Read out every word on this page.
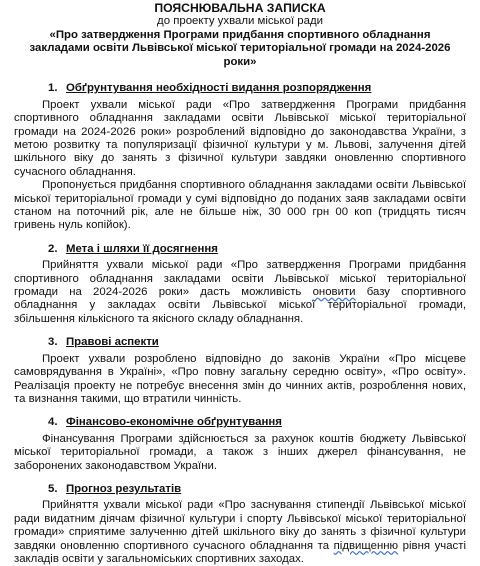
ПОЯСНЮВАЛЬНА ЗАПИСКА
до проекту ухвали міської ради
«Про затвердження Програми придбання спортивного обладнання закладами освіти Львівської міської територіальної громади на 2024-2026 роки»
1. Обґрунтування необхідності видання розпорядження

Проект ухвали міської ради «Про затвердження Програми придбання спортивного обладнання закладами освіти Львівської міської територіальної громади на 2024-2026 роки» розроблений відповідно до законодавства України, з метою розвитку та популяризації фізичної культури у м. Львові, залучення дітей шкільного віку до занять з фізичної культури завдяки оновленню спортивного сучасного обладнання.

Пропонується придбання спортивного обладнання закладами освіти Львівської міської територіальної громади у сумі відповідно до поданих заяв закладами освіти станом на поточний рік, але не більше ніж, 30 000 грн 00 коп (тридцять тисяч гривень нуль копійок).

2. Мета і шляхи її досягнення

Прийняття ухвали міської ради «Про затвердження Програми придбання спортивного обладнання закладами освіти Львівської міської територіальної громади на 2024-2026 роки» дасть можливість оновити базу спортивного обладнання у закладах освіти Львівської міської територіальної громади, збільшення кількісного та якісного складу обладнання.

3. Правові аспекти

Проект ухвали розроблено відповідно до законів України «Про місцеве самоврядування в Україні», «Про повну загальну середню освіту», «Про освіту». Реалізація проекту не потребує внесення змін до чинних актів, розроблення нових, та визнання такими, що втратили чинність.

4. Фінансово-економічне обґрунтування

Фінансування Програми здійснюється за рахунок коштів бюджету Львівської міської територіальної громади, а також з інших джерел фінансування, не заборонених законодавством України.

5. Прогноз результатів

Прийняття ухвали міської ради «Про заснування стипендії Львівської міської ради видатним діячам фізичної культури і спорту Львівської міської територіальної громади» сприятиме залученню дітей шкільного віку до занять з фізичної культури завдяки оновленню спортивного сучасного обладнання та підвищенню рівня участі закладів освіти у загальноміських спортивних заходах.
